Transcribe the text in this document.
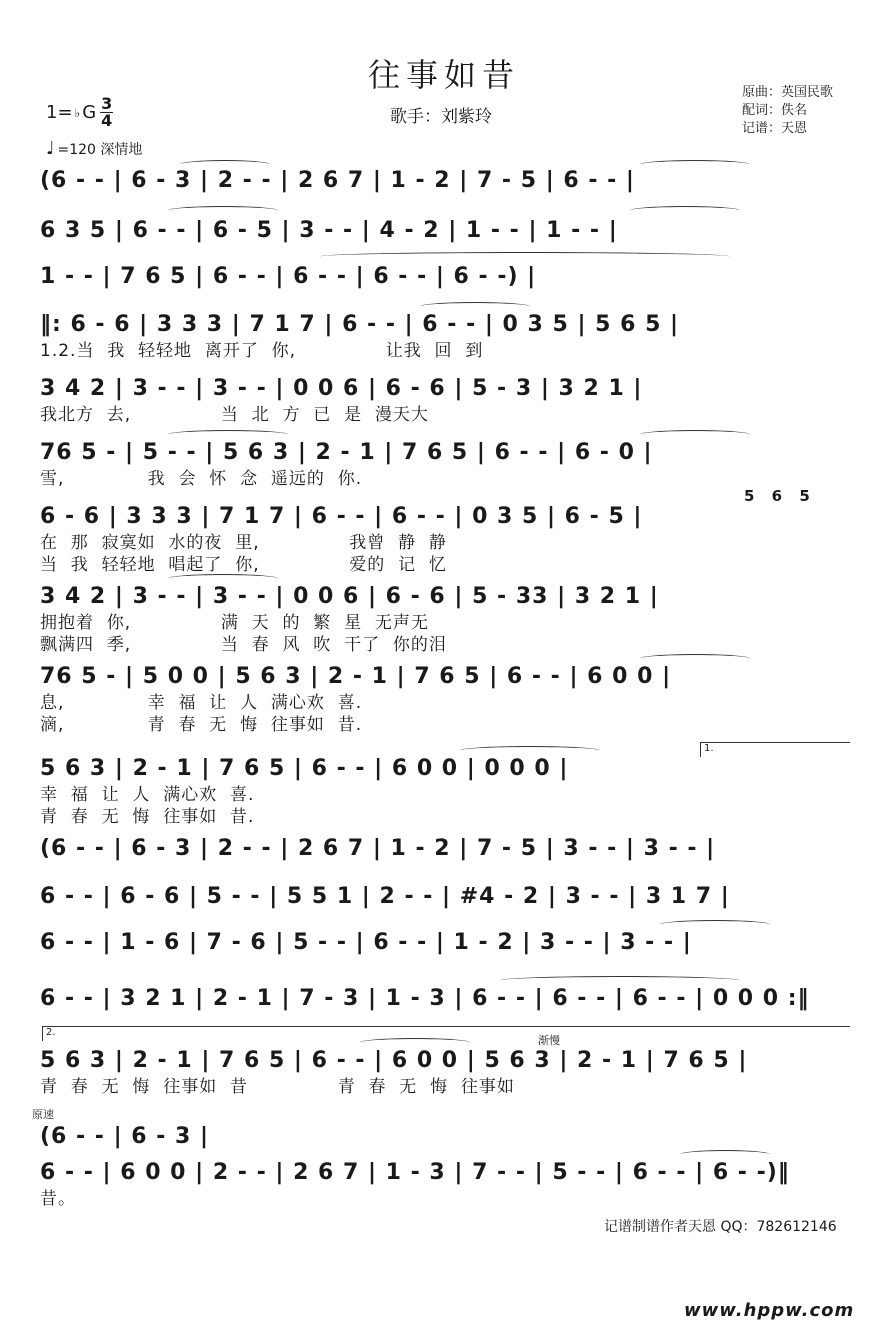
往事如昔
歌手：刘紫玲
原曲：英国民歌
配词：佚名
记谱：天恩
1= ♭ G $\frac{3}{4}$
♩ =120 深情地
(6 - - | 6 - 3 | 2 - - | 2 6 7 | 1 - 2 | 7 - 5 | 6 - - |
6 3 5 | 6 - - | 6 - 5 | 3 - - | 4 - 2 | 1 - - | 1 - - |
1 - - | 7 6 5 | 6 - - | 6 - - | 6 - - | 6 - -) |
‖: 6 - 6 | 3 3 3 | 7 1 7 | 6 - - | 6 - - | 0 3 5 | 5 6 5 |
1.2.当  我  轻轻地  离开了  你,              让我  回  到
3 4 2 | 3 - - | 3 - - | 0 0 6 | 6 - 6 | 5 - 3 | 3 2 1 |
我北方  去,              当  北  方  已  是  漫天大
76 5 - | 5 - - | 5 6 3 | 2 - 1 | 7 6 5 | 6 - - | 6 - 0 |
雪,             我  会  怀  念  遥远的  你.
6 - 6 | 3 3 3 | 7 1 7 | 6 - - | 6 - - | 0 3 5 | 6 - 5 |
在  那  寂寞如  水的夜  里,              我曾  静  静
当  我  轻轻地  唱起了  你,              爱的  记  忆
3 4 2 | 3 - - | 3 - - | 0 0 6 | 6 - 6 | 5 - 33 | 3 2 1 |
拥抱着  你,              满  天  的  繁  星  无声无
飘满四  季,              当  春  风  吹  干了  你的泪
76 5 - | 5 0 0 | 5 6 3 | 2 - 1 | 7 6 5 | 6 - - | 6 0 0 |
息,             幸  福  让  人  满心欢  喜.
滴,             青  春  无  悔  往事如  昔.
5 6 3 | 2 - 1 | 7 6 5 | 6 - - | 6 0 0 | 0 0 0 |
幸  福  让  人  满心欢  喜.
青  春  无  悔  往事如  昔.
(6 - - | 6 - 3 | 2 - - | 2 6 7 | 1 - 2 | 7 - 5 | 3 - - | 3 - - |
6 - - | 6 - 6 | 5 - - | 5 5 1 | 2 - - | #4 - 2 | 3 - - | 3 1 7 |
6 - - | 1 - 6 | 7 - 6 | 5 - - | 6 - - | 1 - 2 | 3 - - | 3 - - |
6 - - | 3 2 1 | 2 - 1 | 7 - 3 | 1 - 3 | 6 - - | 6 - - | 6 - - | 0 0 0 :‖
5 6 3 | 2 - 1 | 7 6 5 | 6 - - | 6 0 0 | 5 6 3 | 2 - 1 | 7 6 5 |
青  春  无  悔  往事如  昔              青  春  无  悔  往事如
(6 - - | 6 - 3 |
6 - - | 6 0 0 | 2 - - | 2 6 7 | 1 - 3 | 7 - - | 5 - - | 6 - - | 6 - -)‖
昔。
5 6 5
1.
2.
渐慢
原速
记谱制谱作者天恩 QQ：782612146
www.hppw.com
